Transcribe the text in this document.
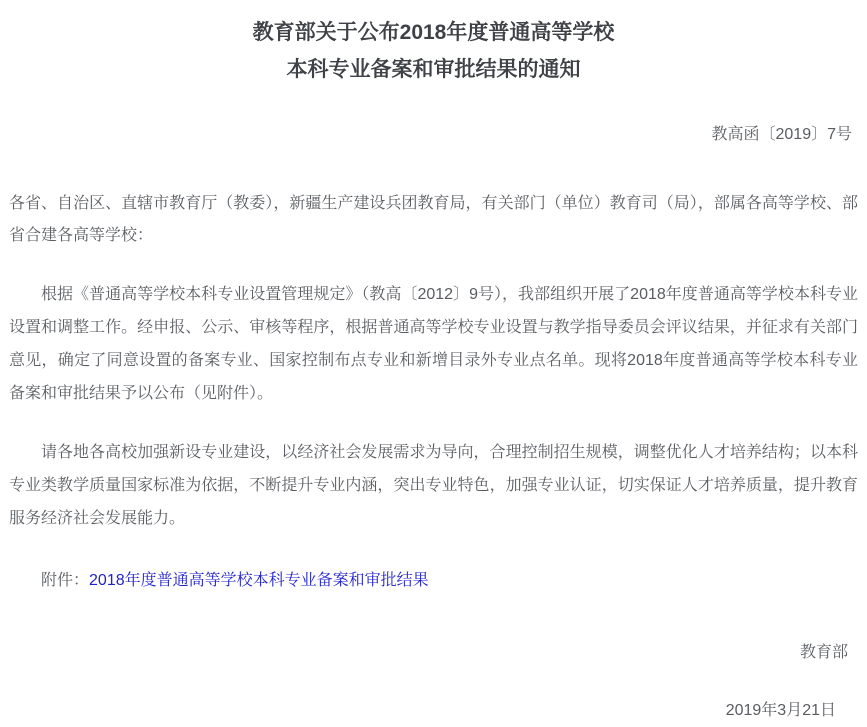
教育部关于公布2018年度普通高等学校
本科专业备案和审批结果的通知
教高函〔2019〕7号
各省、自治区、直辖市教育厅（教委），新疆生产建设兵团教育局，有关部门（单位）教育司（局），部属各高等学校、部省合建各高等学校：
根据《普通高等学校本科专业设置管理规定》（教高〔2012〕9号），我部组织开展了2018年度普通高等学校本科专业设置和调整工作。经申报、公示、审核等程序，根据普通高等学校专业设置与教学指导委员会评议结果，并征求有关部门意见，确定了同意设置的备案专业、国家控制布点专业和新增目录外专业点名单。现将2018年度普通高等学校本科专业备案和审批结果予以公布（见附件）。
请各地各高校加强新设专业建设，以经济社会发展需求为导向，合理控制招生规模，调整优化人才培养结构；以本科专业类教学质量国家标准为依据，不断提升专业内涵，突出专业特色，加强专业认证，切实保证人才培养质量，提升教育服务经济社会发展能力。
附件：2018年度普通高等学校本科专业备案和审批结果
教育部
2019年3月21日
